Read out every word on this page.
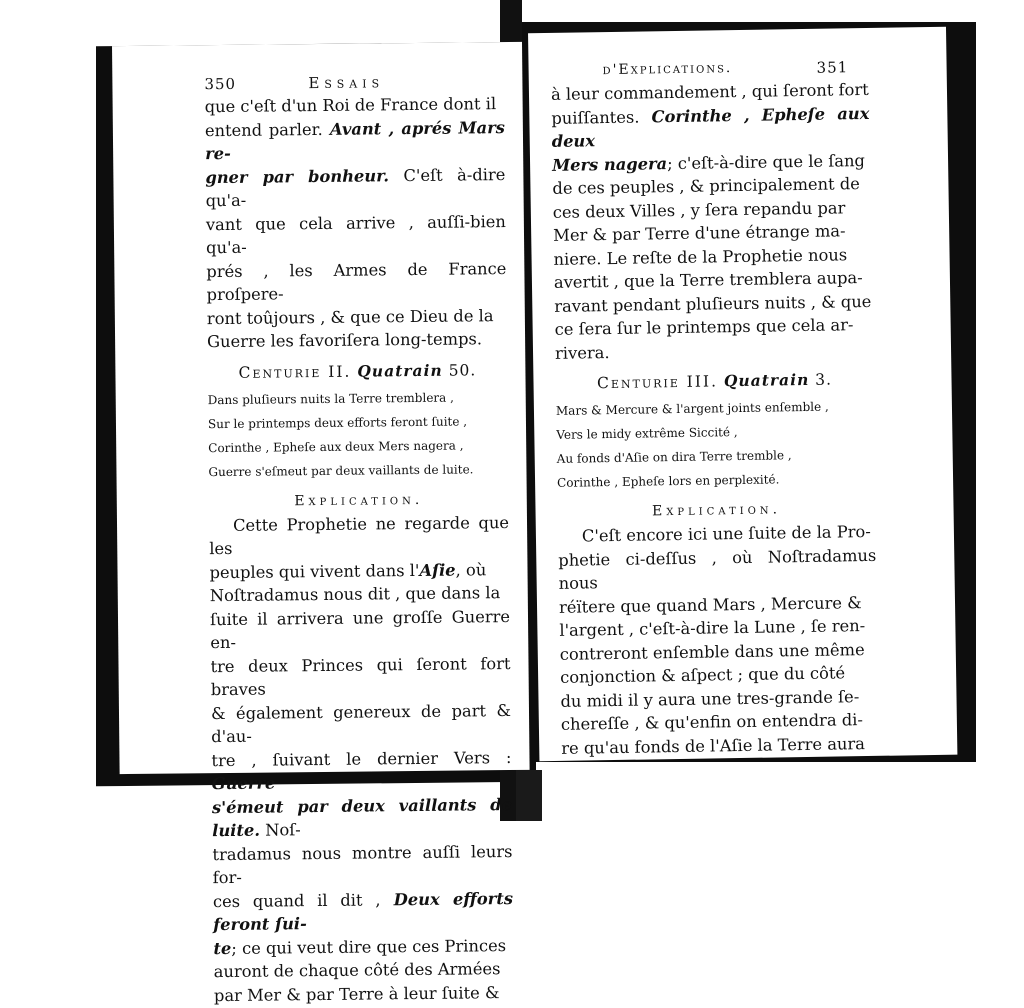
350	Essais

que c'eſt d'un Roi de France dont il

entend parler. Avant , aprés Mars re-

gner par bonheur. C'eſt à-dire qu'a-

vant que cela arrive , auſſi-bien qu'a-

prés , les Armes de France proſpere-

ront toûjours , & que ce Dieu de la

Guerre les favoriſera long-temps.

Centurie II. Quatrain 50.
Dans pluſieurs nuits la Terre tremblera ,
Sur le printemps deux efforts feront ſuite ,
Corinthe , Epheſe aux deux Mers nagera ,
Guerre s'eſmeut par deux vaillants de luite.
Explication.

Cette Prophetie ne regarde que les

peuples qui vivent dans l'Aſie, où

Noſtradamus nous dit , que dans la

ſuite il arrivera une groſſe Guerre en-

tre deux Princes qui ſeront fort braves

& également genereux de part & d'au-

tre , ſuivant le dernier Vers : Guerre

s'émeut par deux vaillants de luite. Noſ-

tradamus nous montre auſſi leurs for-

ces quand il dit , Deux efforts feront ſui-

te; ce qui veut dire que ces Princes

auront de chaque côté des Armées

par Mer & par Terre à leur ſuite &

d'Explications.	351

à leur commandement , qui ſeront fort

puiſſantes. Corinthe , Epheſe aux deux

Mers nagera; c'eſt-à-dire que le ſang

de ces peuples , & principalement de

ces deux Villes , y ſera repandu par

Mer & par Terre d'une étrange ma-

niere. Le reſte de la Prophetie nous

avertit , que la Terre tremblera aupa-

ravant pendant pluſieurs nuits , & que

ce ſera ſur le printemps que cela ar-

rivera.

Centurie III. Quatrain 3.
Mars & Mercure & l'argent joints enſemble ,
Vers le midy extrême Siccité ,
Au fonds d'Aſie on dira Terre tremble ,
Corinthe , Epheſe lors en perplexité.
Explication.

C'eſt encore ici une ſuite de la Pro-

phetie ci-deſſus , où Noſtradamus nous

réïtere que quand Mars , Mercure &

l'argent , c'eſt-à-dire la Lune , ſe ren-

contreront enſemble dans une même

conjonction & aſpect ; que du côté

du midi il y aura une tres-grande ſe-

chereſſe , & qu'enfin on entendra di-

re qu'au fonds de l'Aſie la Terre aura
